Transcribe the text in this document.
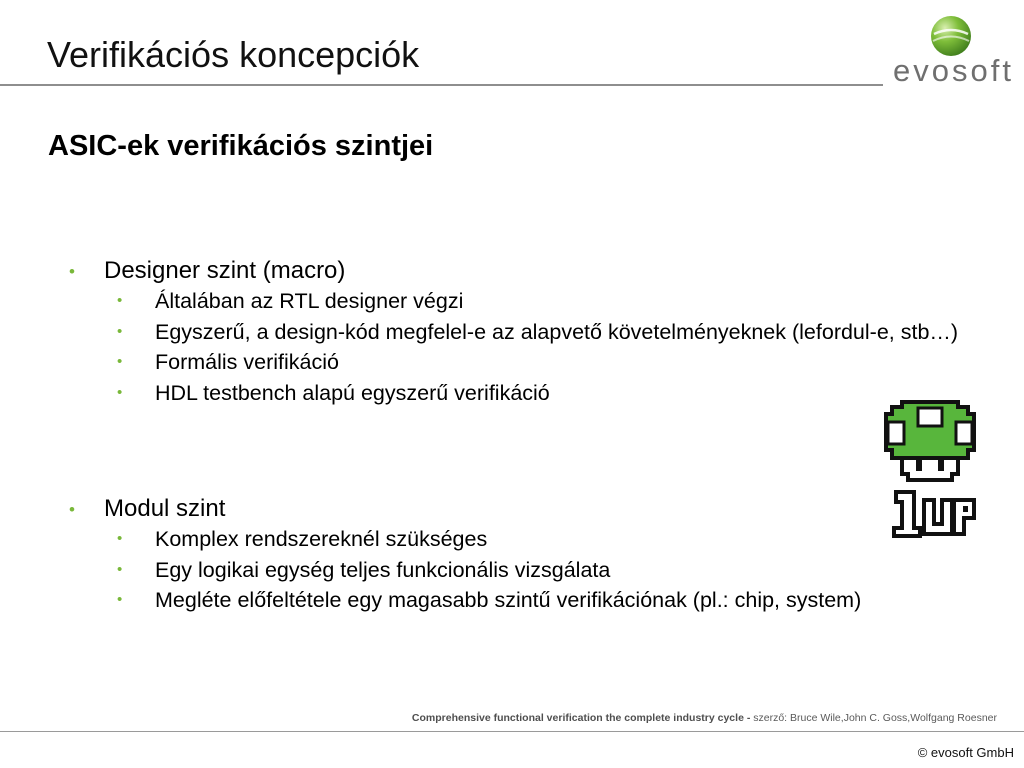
Verifikációs koncepciók	evosoft
ASIC-ek verifikációs szintjei
• Designer szint (macro)
• Általában az RTL designer végzi
• Egyszerű, a design-kód megfelel-e az alapvető követelményeknek (lefordul-e, stb…)
• Formális verifikáció
• HDL testbench alapú egyszerű verifikáció
• Modul szint
• Komplex rendszereknél szükséges
• Egy logikai egység teljes funkcionális vizsgálata
• Megléte előfeltétele egy magasabb szintű verifikációnak (pl.: chip, system)
Comprehensive functional verification the complete industry cycle - szerző: Bruce Wile,John C. Goss,Wolfgang Roesner
© evosoft GmbH
